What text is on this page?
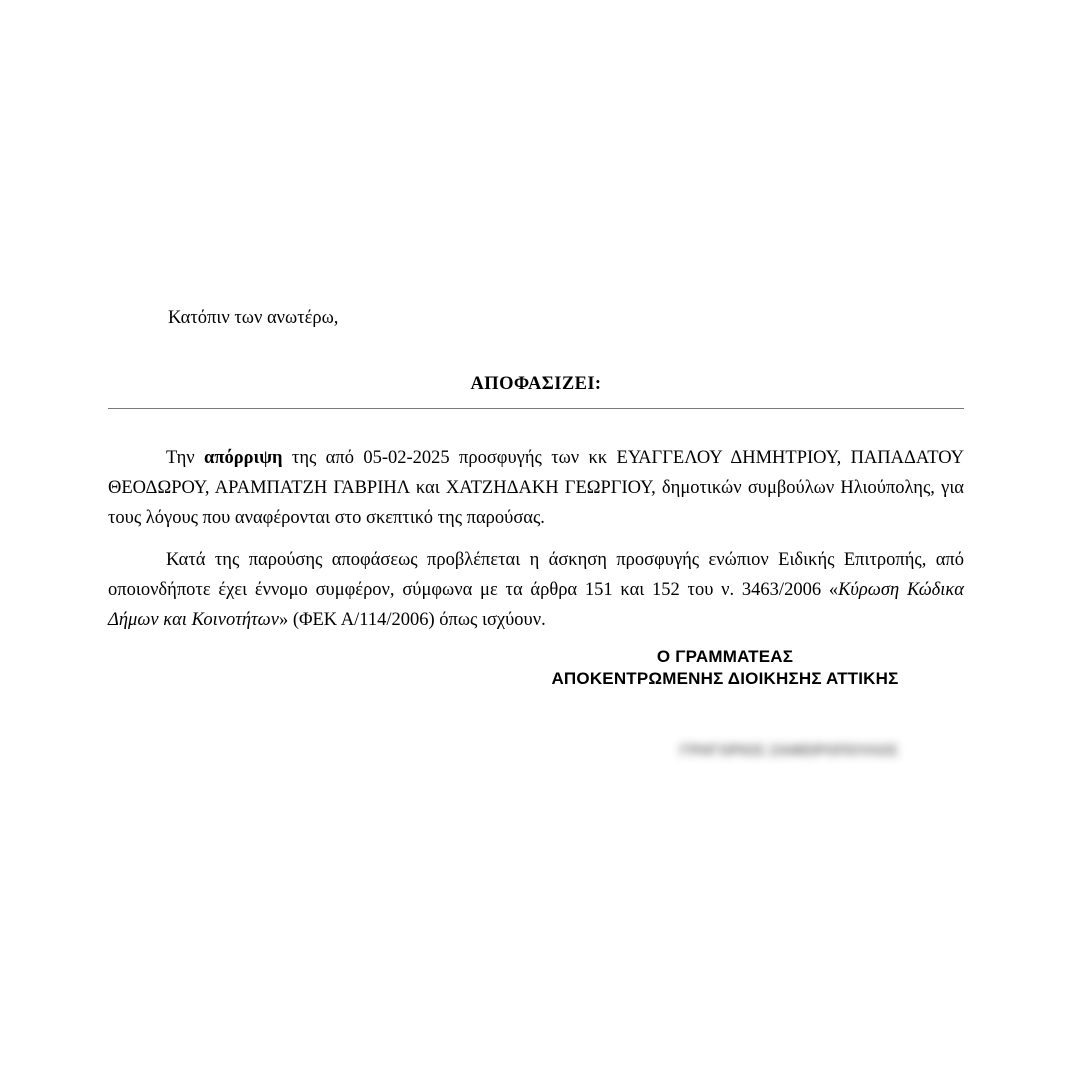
Κατόπιν των ανωτέρω,
ΑΠΟΦΑΣΙΖΕΙ:
Την απόρριψη της από 05-02-2025 προσφυγής των κκ ΕΥΑΓΓΕΛΟΥ ΔΗΜΗΤΡΙΟΥ, ΠΑΠΑΔΑΤΟΥ ΘΕΟΔΩΡΟΥ, ΑΡΑΜΠΑΤΖΗ ΓΑΒΡΙΗΛ και ΧΑΤΖΗΔΑΚΗ ΓΕΩΡΓΙΟΥ, δημοτικών συμβούλων Ηλιούπολης, για τους λόγους που αναφέρονται στο σκεπτικό της παρούσας.
Κατά της παρούσης αποφάσεως προβλέπεται η άσκηση προσφυγής ενώπιον Ειδικής Επιτροπής, από οποιονδήποτε έχει έννομο συμφέρον, σύμφωνα με τα άρθρα 151 και 152 του ν. 3463/2006 «Κύρωση Κώδικα Δήμων και Κοινοτήτων» (ΦΕΚ Α/114/2006) όπως ισχύουν.
Ο ΓΡΑΜΜΑΤΕΑΣ
ΑΠΟΚΕΝΤΡΩΜΕΝΗΣ ΔΙΟΙΚΗΣΗΣ ΑΤΤΙΚΗΣ
ΓΡΗΓΟΡΙΟΣ ΖΑΦΕΙΡΟΠΟΥΛΟΣ
